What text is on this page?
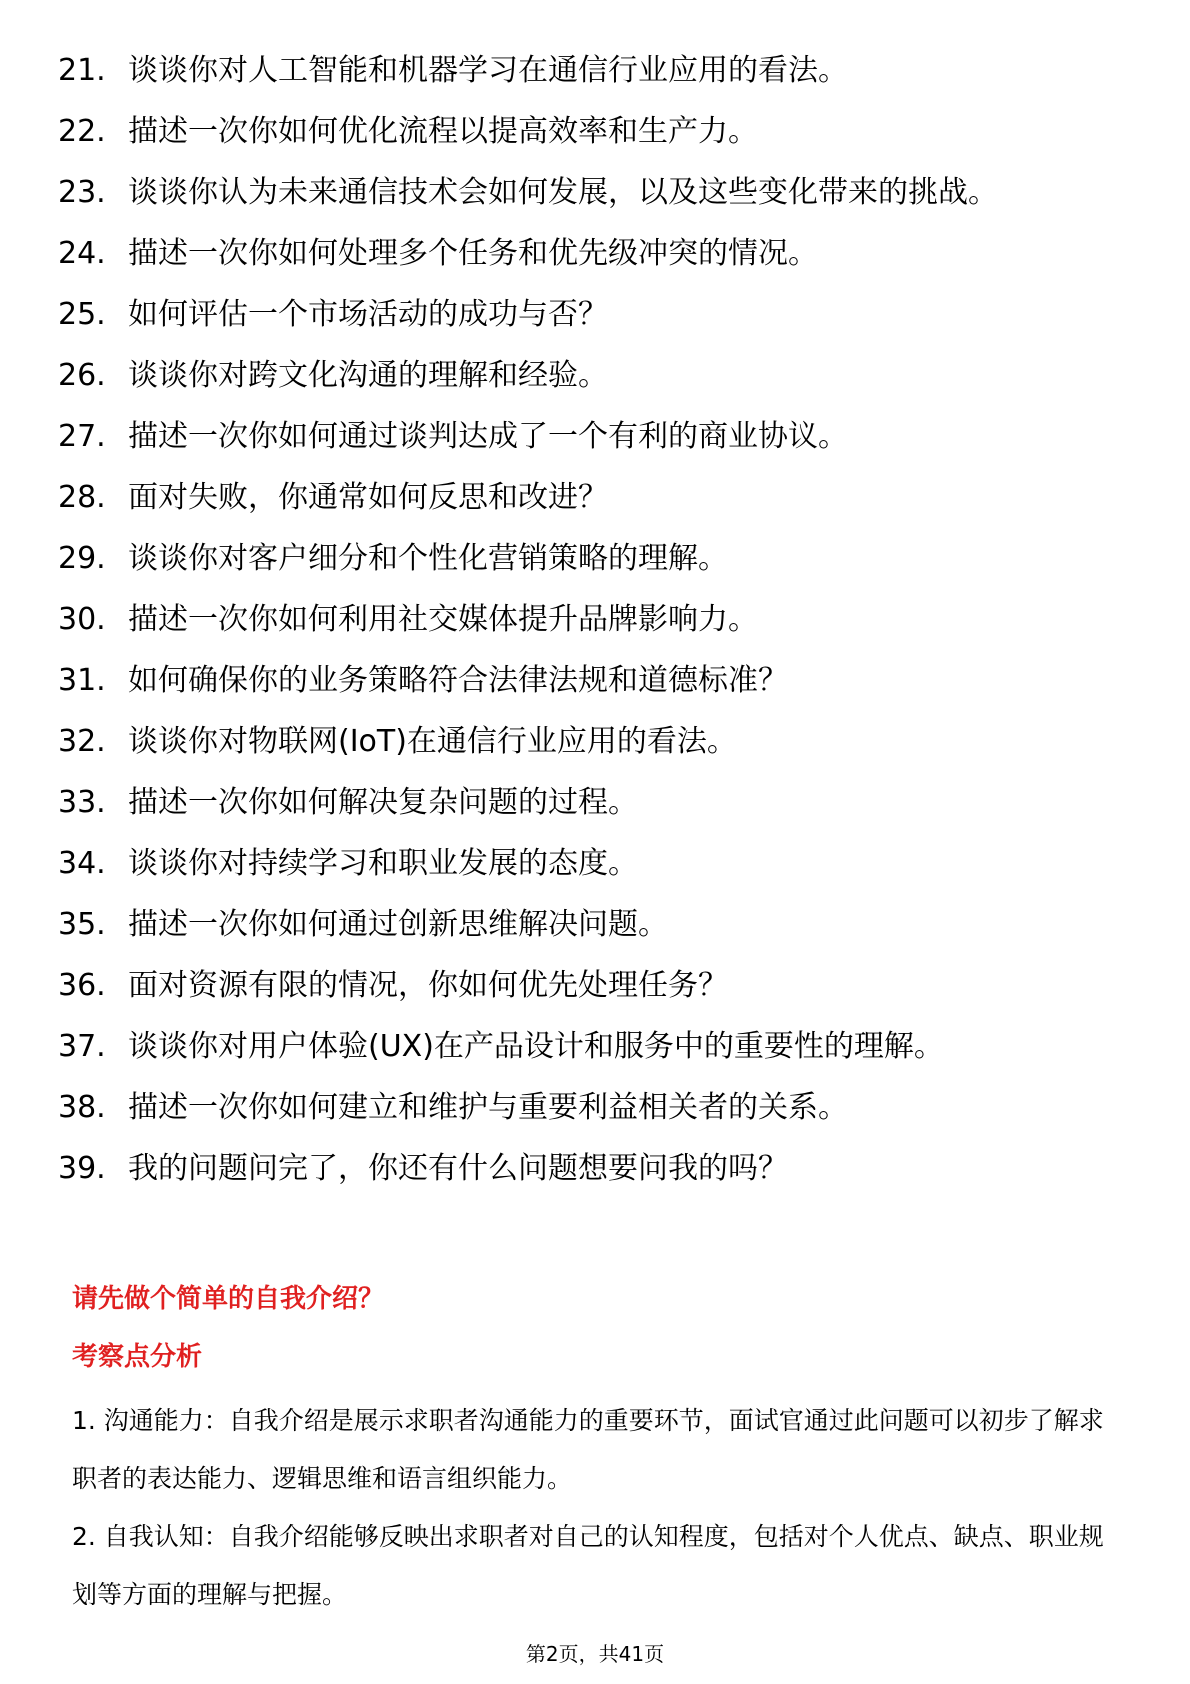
21. 谈谈你对人工智能和机器学习在通信行业应用的看法。
22. 描述一次你如何优化流程以提高效率和生产力。
23. 谈谈你认为未来通信技术会如何发展，以及这些变化带来的挑战。
24. 描述一次你如何处理多个任务和优先级冲突的情况。
25. 如何评估一个市场活动的成功与否？
26. 谈谈你对跨文化沟通的理解和经验。
27. 描述一次你如何通过谈判达成了一个有利的商业协议。
28. 面对失败，你通常如何反思和改进？
29. 谈谈你对客户细分和个性化营销策略的理解。
30. 描述一次你如何利用社交媒体提升品牌影响力。
31. 如何确保你的业务策略符合法律法规和道德标准？
32. 谈谈你对物联网(IoT)在通信行业应用的看法。
33. 描述一次你如何解决复杂问题的过程。
34. 谈谈你对持续学习和职业发展的态度。
35. 描述一次你如何通过创新思维解决问题。
36. 面对资源有限的情况，你如何优先处理任务？
37. 谈谈你对用户体验(UX)在产品设计和服务中的重要性的理解。
38. 描述一次你如何建立和维护与重要利益相关者的关系。
39. 我的问题问完了，你还有什么问题想要问我的吗？
请先做个简单的自我介绍？
考察点分析

1. 沟通能力：自我介绍是展示求职者沟通能力的重要环节，面试官通过此问题可以初步了解求职者的表达能力、逻辑思维和语言组织能力。

2. 自我认知：自我介绍能够反映出求职者对自己的认知程度，包括对个人优点、缺点、职业规划等方面的理解与把握。

第2页，共41页
